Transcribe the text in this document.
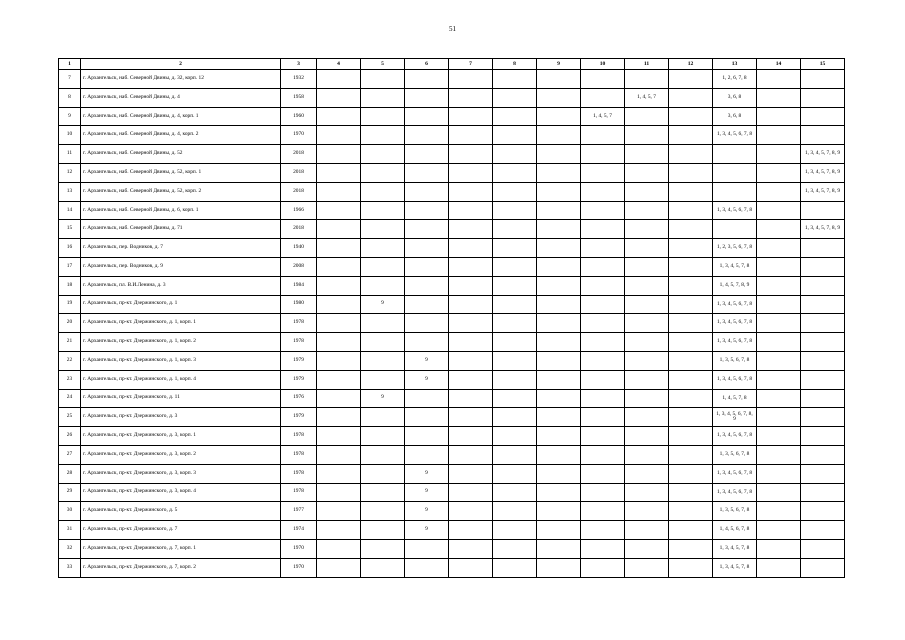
51
1	2	3	4	5	6	7	8	9	10	11	12	13	14	15
7	г. Архангельск, наб. Северной Двины, д. 32, корп. 12	1932										1, 2, 6, 7, 8		
8	г. Архангельск, наб. Северной Двины, д. 4	1958								1, 4, 5, 7		3, 6, 8		
9	г. Архангельск, наб. Северной Двины, д. 4, корп. 1	1960							1, 4, 5, 7			3, 6, 8		
10	г. Архангельск, наб. Северной Двины, д. 4, корп. 2	1970										1, 3, 4, 5, 6, 7, 8		
11	г. Архангельск, наб. Северной Двины, д. 52	2018												1, 3, 4, 5, 7, 8, 9
12	г. Архангельск, наб. Северной Двины, д. 52, корп. 1	2018												1, 3, 4, 5, 7, 8, 9
13	г. Архангельск, наб. Северной Двины, д. 52, корп. 2	2018												1, 3, 4, 5, 7, 8, 9
14	г. Архангельск, наб. Северной Двины, д. 6, корп. 1	1966										1, 3, 4, 5, 6, 7, 8		
15	г. Архангельск, наб. Северной Двины, д. 71	2018												1, 3, 4, 5, 7, 8, 9
16	г. Архангельск, пер. Водников, д. 7	1940										1, 2, 3, 5, 6, 7, 8		
17	г. Архангельск, пер. Водников, д. 9	2008										1, 3, 4, 5, 7, 8		
18	г. Архангельск, пл. В.И.Ленина, д. 3	1984										1, 4, 5, 7, 8, 9		
19	г. Архангельск, пр-кт. Дзержинского, д. 1	1980		9								1, 3, 4, 5, 6, 7, 8		
20	г. Архангельск, пр-кт. Дзержинского, д. 1, корп. 1	1978										1, 3, 4, 5, 6, 7, 8		
21	г. Архангельск, пр-кт. Дзержинского, д. 1, корп. 2	1978										1, 3, 4, 5, 6, 7, 8		
22	г. Архангельск, пр-кт. Дзержинского, д. 1, корп. 3	1979			9							1, 3, 5, 6, 7, 8		
23	г. Архангельск, пр-кт. Дзержинского, д. 1, корп. 4	1979			9							1, 3, 4, 5, 6, 7, 8		
24	г. Архангельск, пр-кт. Дзержинского, д. 11	1976		9								1, 4, 5, 7, 8		
25	г. Архангельск, пр-кт. Дзержинского, д. 3	1979										1, 3, 4, 5, 6, 7, 8, 9		
26	г. Архангельск, пр-кт. Дзержинского, д. 3, корп. 1	1978										1, 3, 4, 5, 6, 7, 8		
27	г. Архангельск, пр-кт. Дзержинского, д. 3, корп. 2	1978										1, 3, 5, 6, 7, 8		
28	г. Архангельск, пр-кт. Дзержинского, д. 3, корп. 3	1978			9							1, 3, 4, 5, 6, 7, 8		
29	г. Архангельск, пр-кт. Дзержинского, д. 3, корп. 4	1978			9							1, 3, 4, 5, 6, 7, 8		
30	г. Архангельск, пр-кт. Дзержинского, д. 5	1977			9							1, 3, 5, 6, 7, 8		
31	г. Архангельск, пр-кт. Дзержинского, д. 7	1974			9							1, 4, 5, 6, 7, 8		
32	г. Архангельск, пр-кт. Дзержинского, д. 7, корп. 1	1970										1, 3, 4, 5, 7, 8		
33	г. Архангельск, пр-кт. Дзержинского, д. 7, корп. 2	1970										1, 3, 4, 5, 7, 8		
